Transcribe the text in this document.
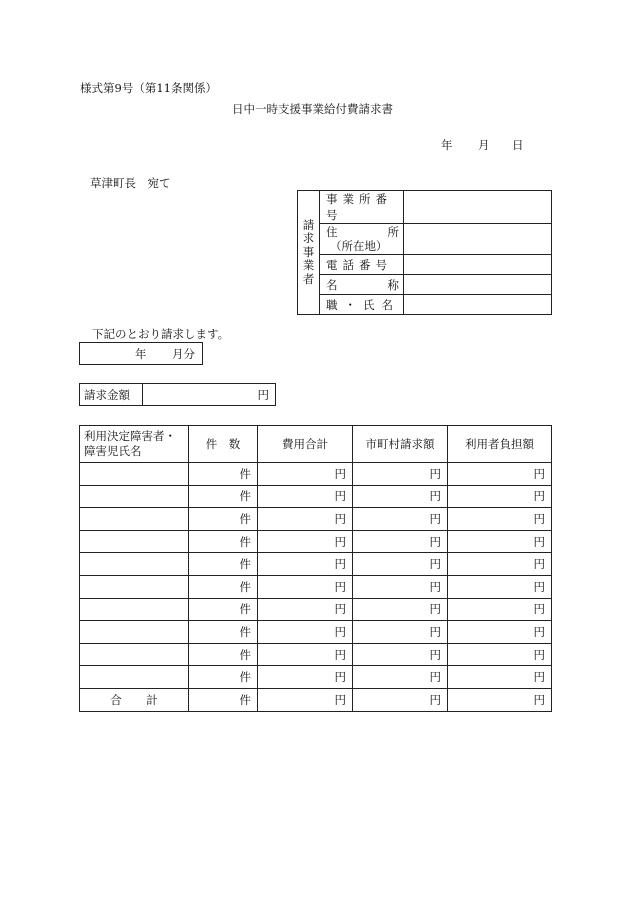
様式第9号（第11条関係）
日中一時支援事業給付費請求書
年 月 日
草津町長　宛て
請
求
事
業
者	事業所番号	

	住 所
（所在地）	

	電話番号	

	名 称	

	職・氏名	
下記のとおり請求します。
年 月分
請求金額	円
利用決定障害者・
障害児氏名	件　数	費用合計	市町村請求額	利用者負担額
	件	円	円	円
	件	円	円	円
	件	円	円	円
	件	円	円	円
	件	円	円	円
	件	円	円	円
	件	円	円	円
	件	円	円	円
	件	円	円	円
	件	円	円	円

合 計	件	円	円	円
